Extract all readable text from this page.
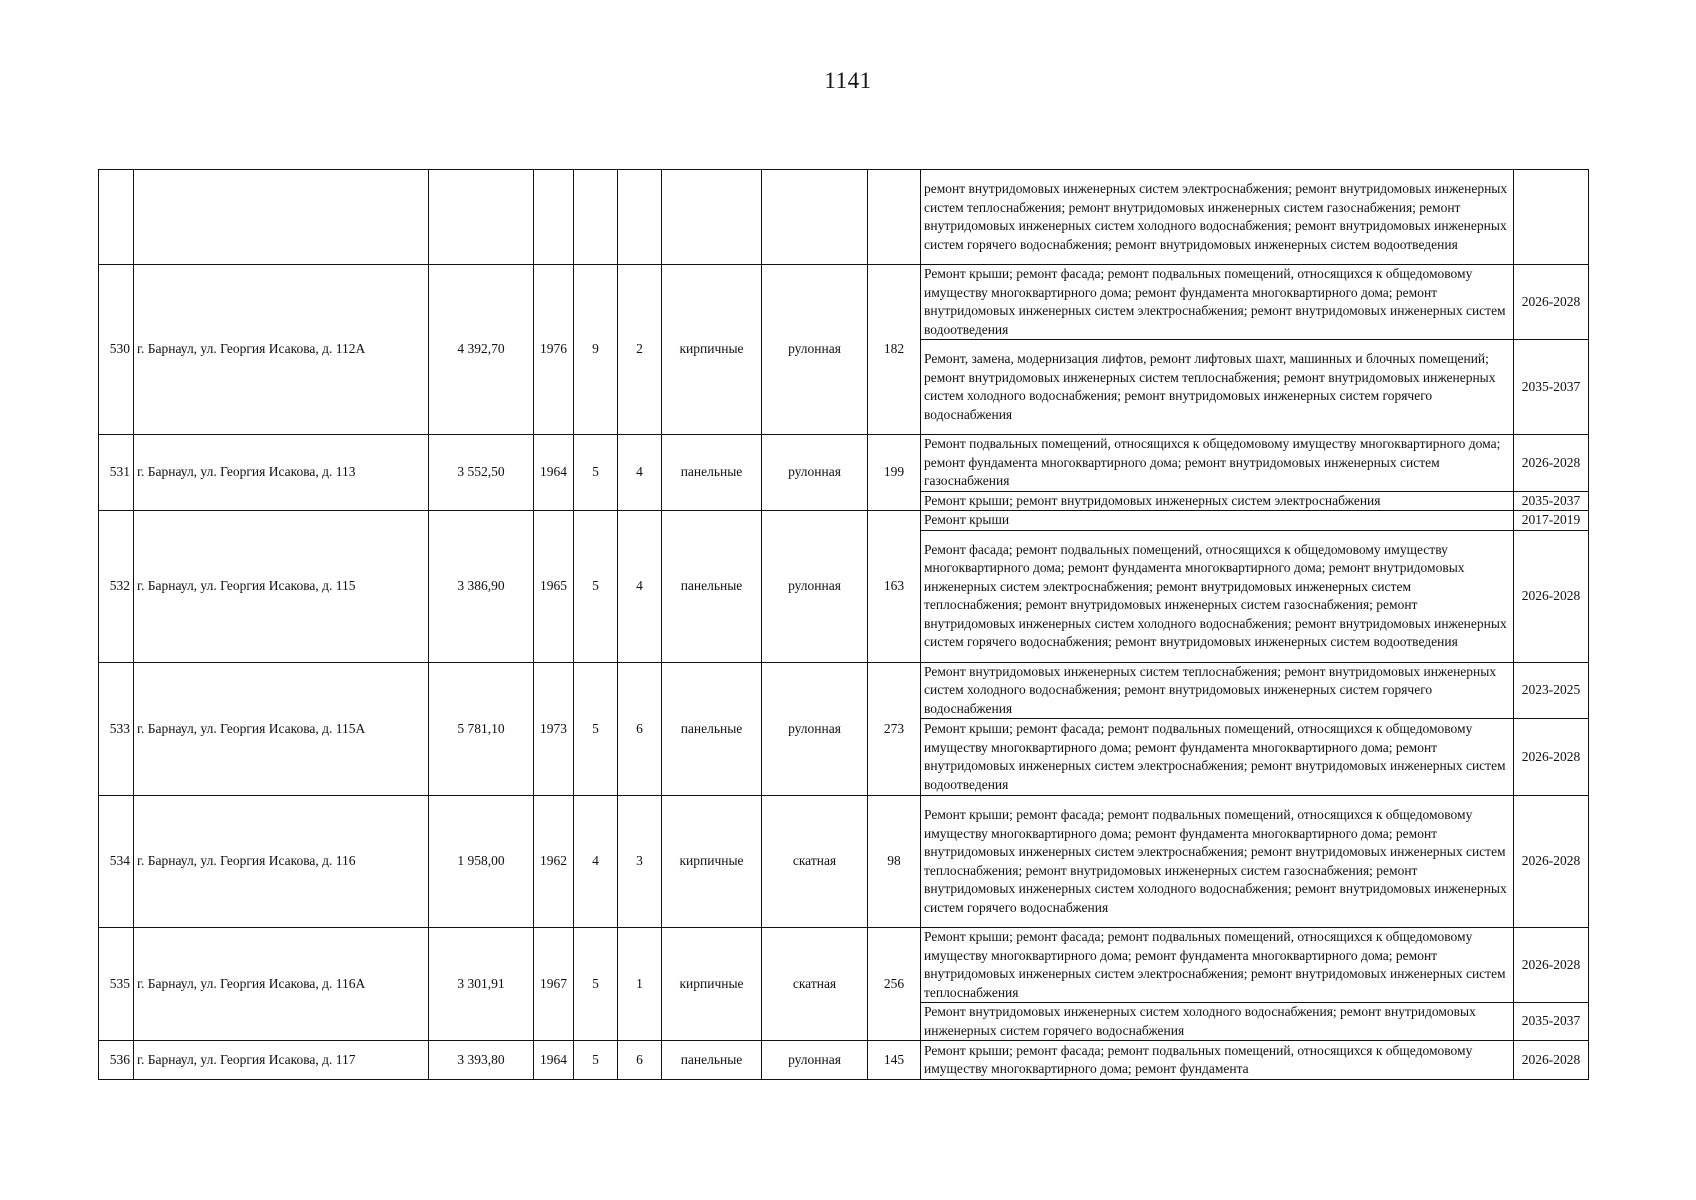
1141
									ремонт внутридомовых инженерных систем электроснабжения; ремонт внутридомовых инженерных систем теплоснабжения; ремонт внутридомовых инженерных систем газоснабжения; ремонт внутридомовых инженерных систем холодного водоснабжения; ремонт внутридомовых инженерных систем горячего водоснабжения; ремонт внутридомовых инженерных систем водоотведения	
530	г. Барнаул, ул. Георгия Исакова, д. 112А	4 392,70	1976	9	2	кирпичные	рулонная	182	Ремонт крыши; ремонт фасада; ремонт подвальных помещений, относящихся к общедомовому имуществу многоквартирного дома; ремонт фундамента многоквартирного дома; ремонт внутридомовых инженерных систем электроснабжения; ремонт внутридомовых инженерных систем водоотведения	2026-2028
									Ремонт, замена, модернизация лифтов, ремонт лифтовых шахт, машинных и блочных помещений; ремонт внутридомовых инженерных систем теплоснабжения; ремонт внутридомовых инженерных систем холодного водоснабжения; ремонт внутридомовых инженерных систем горячего водоснабжения	2035-2037
531	г. Барнаул, ул. Георгия Исакова, д. 113	3 552,50	1964	5	4	панельные	рулонная	199	Ремонт подвальных помещений, относящихся к общедомовому имуществу многоквартирного дома; ремонт фундамента многоквартирного дома; ремонт внутридомовых инженерных систем газоснабжения	2026-2028
									Ремонт крыши; ремонт внутридомовых инженерных систем электроснабжения	2035-2037
532	г. Барнаул, ул. Георгия Исакова, д. 115	3 386,90	1965	5	4	панельные	рулонная	163	Ремонт крыши	2017-2019
									Ремонт фасада; ремонт подвальных помещений, относящихся к общедомовому имуществу многоквартирного дома; ремонт фундамента многоквартирного дома; ремонт внутридомовых инженерных систем электроснабжения; ремонт внутридомовых инженерных систем теплоснабжения; ремонт внутридомовых инженерных систем газоснабжения; ремонт внутридомовых инженерных систем холодного водоснабжения; ремонт внутридомовых инженерных систем горячего водоснабжения; ремонт внутридомовых инженерных систем водоотведения	2026-2028
533	г. Барнаул, ул. Георгия Исакова, д. 115А	5 781,10	1973	5	6	панельные	рулонная	273	Ремонт внутридомовых инженерных систем теплоснабжения; ремонт внутридомовых инженерных систем холодного водоснабжения; ремонт внутридомовых инженерных систем горячего водоснабжения	2023-2025
									Ремонт крыши; ремонт фасада; ремонт подвальных помещений, относящихся к общедомовому имуществу многоквартирного дома; ремонт фундамента многоквартирного дома; ремонт внутридомовых инженерных систем электроснабжения; ремонт внутридомовых инженерных систем водоотведения	2026-2028
534	г. Барнаул, ул. Георгия Исакова, д. 116	1 958,00	1962	4	3	кирпичные	скатная	98	Ремонт крыши; ремонт фасада; ремонт подвальных помещений, относящихся к общедомовому имуществу многоквартирного дома; ремонт фундамента многоквартирного дома; ремонт внутридомовых инженерных систем электроснабжения; ремонт внутридомовых инженерных систем теплоснабжения; ремонт внутридомовых инженерных систем газоснабжения; ремонт внутридомовых инженерных систем холодного водоснабжения; ремонт внутридомовых инженерных систем горячего водоснабжения	2026-2028
535	г. Барнаул, ул. Георгия Исакова, д. 116А	3 301,91	1967	5	1	кирпичные	скатная	256	Ремонт крыши; ремонт фасада; ремонт подвальных помещений, относящихся к общедомовому имуществу многоквартирного дома; ремонт фундамента многоквартирного дома; ремонт внутридомовых инженерных систем электроснабжения; ремонт внутридомовых инженерных систем теплоснабжения	2026-2028
									Ремонт внутридомовых инженерных систем холодного водоснабжения; ремонт внутридомовых инженерных систем горячего водоснабжения	2035-2037
536	г. Барнаул, ул. Георгия Исакова, д. 117	3 393,80	1964	5	6	панельные	рулонная	145	Ремонт крыши; ремонт фасада; ремонт подвальных помещений, относящихся к общедомовому имуществу многоквартирного дома; ремонт фундамента	2026-2028
